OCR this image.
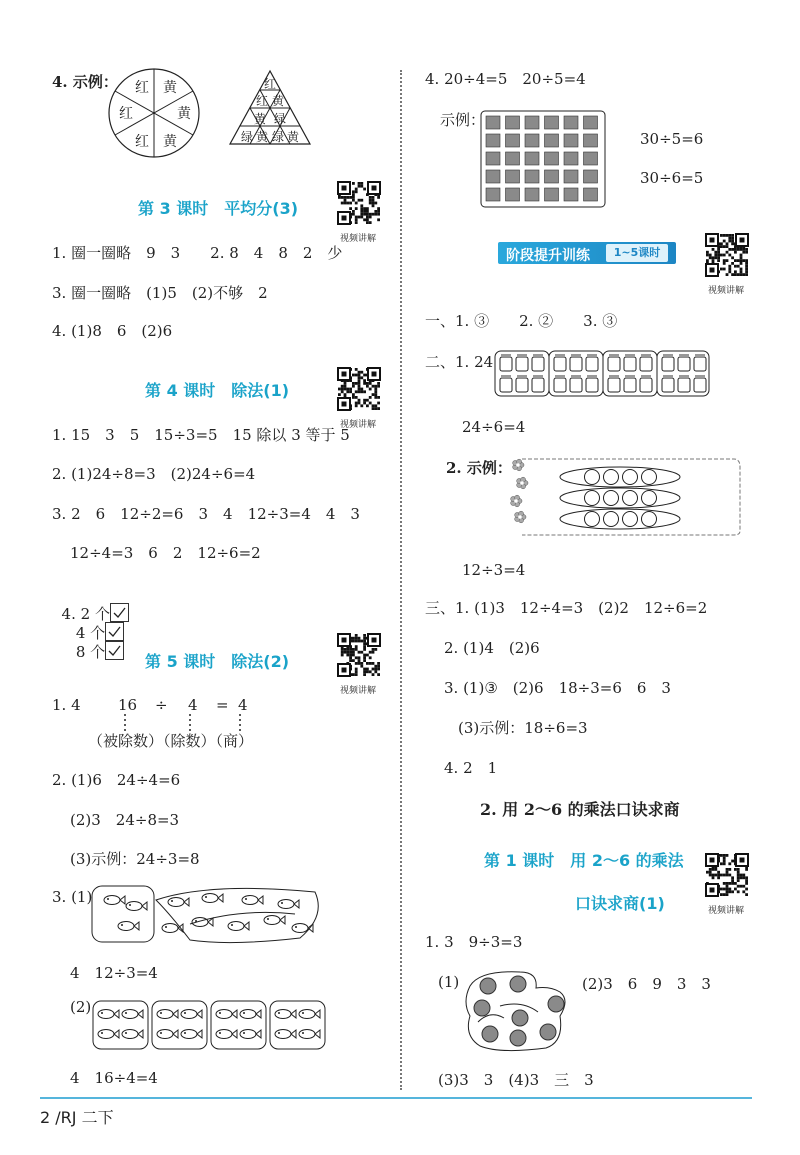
4. 示例： 红 黄
黄
黄
红
红
红
红 黄
黄 绿
绿 黄 绿 黄
第 3 课时　平均分(3)
视频讲解
1. 圈一圈略　9　3　　2. 8　4　8　2　少
3. 圈一圈略　(1)5　(2)不够　2
4. (1)8　6　(2)6
第 4 课时　除法(1)
视频讲解
1. 15　3　5　15÷3=5　15 除以 3 等于 5
2. (1)24÷8=3　(2)24÷6=4
3. 2　6　12÷2=6　3　4　12÷3=4　4　3
12÷4=3　6　2　12÷6=2

4. 2 个

4 个

8 个	第 5 课时　除法(2)
视频讲解
1. 4 16 ÷ 4 = 4
（被除数）（除数）（商）
2. (1)6　24÷4=6
(2)3　24÷8=3
(3)示例：24÷3=8
3. (1)
4　12÷3=4
(2)
4　16÷4=4
4. 20÷4=5　20÷5=4
示例：
30÷5=6
30÷6=5
阶段提升训练	1~5课时
视频讲解
一、1. ③　　2. ②　　3. ③
二、1. 24
24÷6=4
2. 示例：
12÷3=4
三、1. (1)3　12÷4=3　(2)2　12÷6=2
2. (1)4　(2)6
3. (1)③　(2)6　18÷3=6　6　3
(3)示例：18÷6=3
4. 2　1
2. 用 2～6 的乘法口诀求商
第 1 课时　用 2～6 的乘法
口诀求商(1)	视频讲解
1. 3　9÷3=3
(1)	(2)3　6　9　3　3
(3)3　3　(4)3　三　3
2 /RJ 二下
